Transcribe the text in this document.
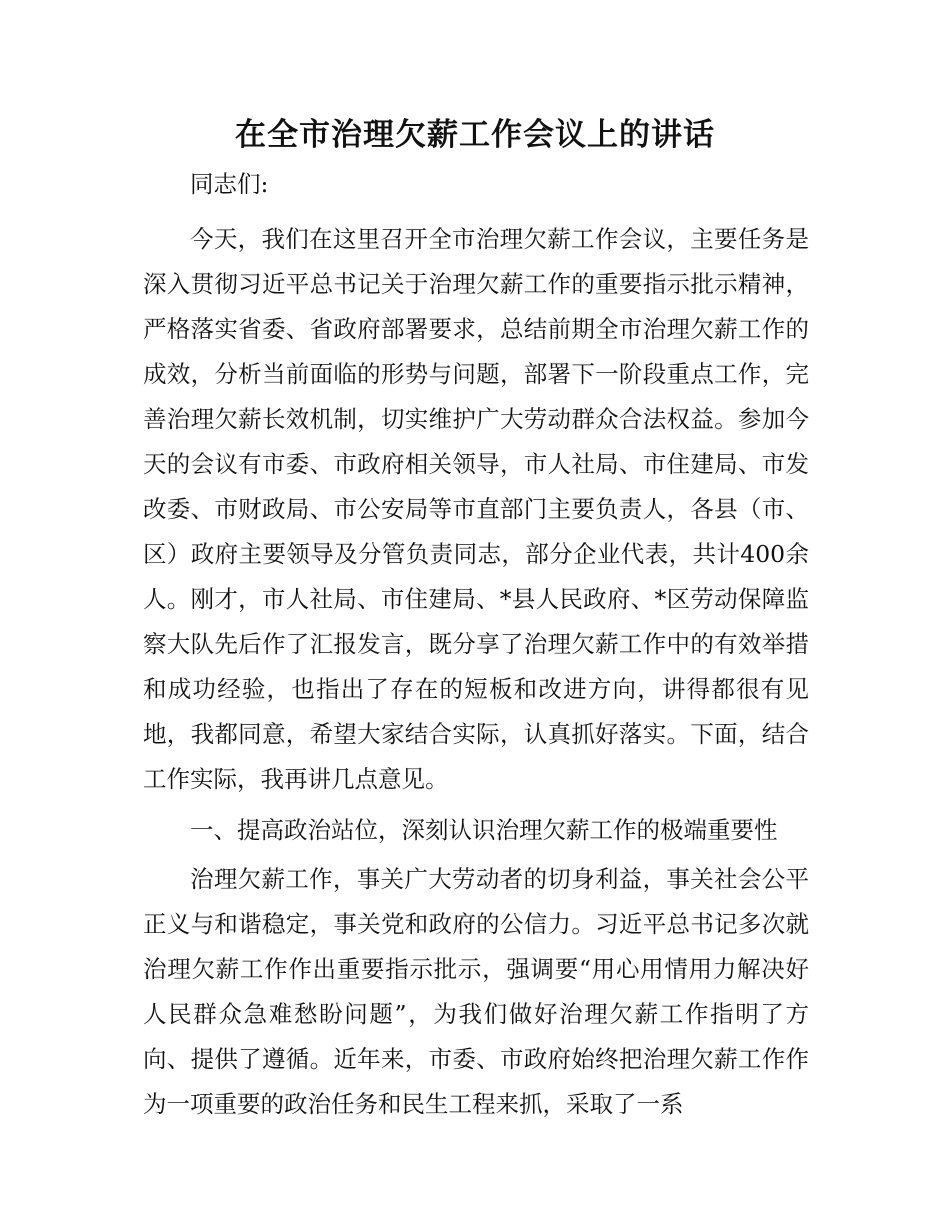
在全市治理欠薪工作会议上的讲话

同志们:

今天，我们在这里召开全市治理欠薪工作会议，主要任务是深入贯彻习近平总书记关于治理欠薪工作的重要指示批示精神，严格落实省委、省政府部署要求，总结前期全市治理欠薪工作的成效，分析当前面临的形势与问题，部署下一阶段重点工作，完善治理欠薪长效机制，切实维护广大劳动群众合法权益。参加今天的会议有市委、市政府相关领导，市人社局、市住建局、市发改委、市财政局、市公安局等市直部门主要负责人，各县（市、区）政府主要领导及分管负责同志，部分企业代表，共计400余人。刚才，市人社局、市住建局、*县人民政府、*区劳动保障监察大队先后作了汇报发言，既分享了治理欠薪工作中的有效举措和成功经验，也指出了存在的短板和改进方向，讲得都很有见地，我都同意，希望大家结合实际，认真抓好落实。下面，结合工作实际，我再讲几点意见。

一、提高政治站位，深刻认识治理欠薪工作的极端重要性

治理欠薪工作，事关广大劳动者的切身利益，事关社会公平正义与和谐稳定，事关党和政府的公信力。习近平总书记多次就治理欠薪工作作出重要指示批示，强调要“用心用情用力解决好人民群众急难愁盼问题”，为我们做好治理欠薪工作指明了方向、提供了遵循。近年来，市委、市政府始终把治理欠薪工作作为一项重要的政治任务和民生工程来抓，采取了一系
